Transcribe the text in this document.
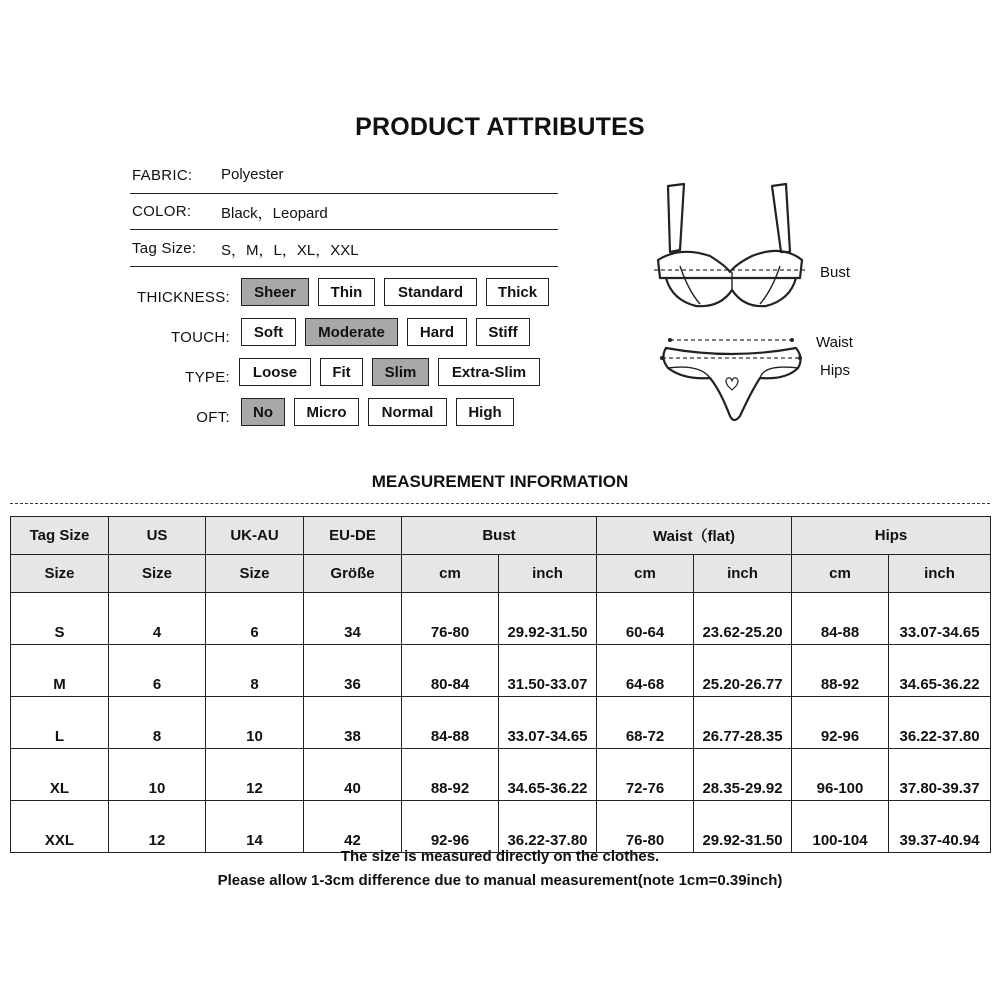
PRODUCT ATTRIBUTES
FABRIC: Polyester
COLOR: Black，Leopard
Tag Size: S，M，L，XL，XXL
THICKNESS:	Sheer	Thin	Standard	Thick
TOUCH:	Soft	Moderate	Hard	Stiff
TYPE:	Loose	Fit	Slim	Extra-Slim
OFT:	No	Micro	Normal	High
Bust
Waist
Hips
MEASUREMENT INFORMATION
Tag Size	US	UK-AU	EU-DE	Bust		Waist（flat)		Hips	
Size	Size	Size	Größe	cm	inch	cm	inch	cm	inch
S	4	6	34	76-80	29.92-31.50	60-64	23.62-25.20	84-88	33.07-34.65
M	6	8	36	80-84	31.50-33.07	64-68	25.20-26.77	88-92	34.65-36.22
L	8	10	38	84-88	33.07-34.65	68-72	26.77-28.35	92-96	36.22-37.80
XL	10	12	40	88-92	34.65-36.22	72-76	28.35-29.92	96-100	37.80-39.37
XXL	12	14	42	92-96	36.22-37.80	76-80	29.92-31.50	100-104	39.37-40.94
The size is measured directly on the clothes.
Please allow 1-3cm difference due to manual measurement(note 1cm=0.39inch)
